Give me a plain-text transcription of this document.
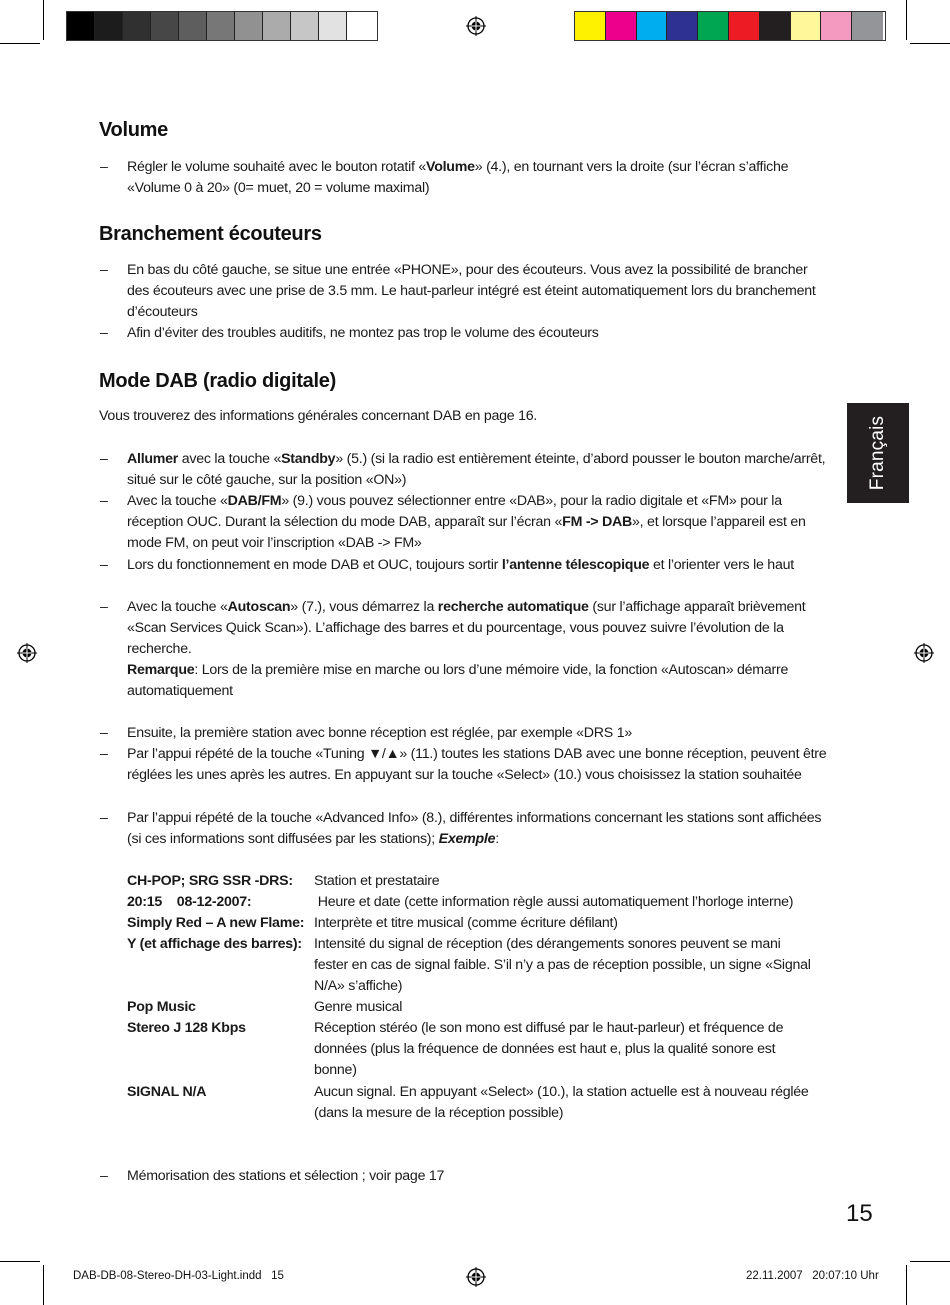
Volume
– Régler le volume souhaité avec le bouton rotatif «Volume» (4.), en tournant vers la droite (sur l’écran s’affiche «Volume 0 à 20» (0= muet, 20 = volume maximal)
Branchement écouteurs
– En bas du côté gauche, se situe une entrée «PHONE», pour des écouteurs. Vous avez la possibilité de brancher des écouteurs avec une prise de 3.5 mm. Le haut-parleur intégré est éteint automatiquement lors du branchement d’écouteurs
– Afin d’éviter des troubles auditifs, ne montez pas trop le volume des écouteurs
Mode DAB (radio digitale)
Vous trouverez des informations générales concernant DAB en page 16.
– Allumer avec la touche «Standby» (5.) (si la radio est entièrement éteinte, d’abord pousser le bouton marche/arrêt, situé sur le côté gauche, sur la position «ON»)
– Avec la touche «DAB/FM» (9.) vous pouvez sélectionner entre «DAB», pour la radio digitale et «FM» pour la réception OUC. Durant la sélection du mode DAB, apparaît sur l’écran «FM -> DAB», et lorsque l’appareil est en mode FM, on peut voir l’inscription «DAB -> FM»
– Lors du fonctionnement en mode DAB et OUC, toujours sortir l’antenne télescopique et l’orienter vers le haut
– Avec la touche «Autoscan» (7.), vous démarrez la recherche automatique (sur l’affichage apparaît brièvement «Scan Services Quick Scan»). L’affichage des barres et du pourcentage, vous pouvez suivre l’évolution de la recherche.
Remarque: Lors de la première mise en marche ou lors d’une mémoire vide, la fonction «Autoscan» démarre automatiquement
– Ensuite, la première station avec bonne réception est réglée, par exemple «DRS 1»
– Par l’appui répété de la touche «Tuning ▼/▲» (11.) toutes les stations DAB avec une bonne réception, peuvent être réglées les unes après les autres. En appuyant sur la touche «Select» (10.) vous choisissez la station souhaitée
– Par l’appui répété de la touche «Advanced Info» (8.), différentes informations concernant les stations sont affichées (si ces informations sont diffusées par les stations); Exemple:
CH-POP; SRG SSR -DRS:	Station et prestataire
20:15    08-12-2007:	Heure et date (cette information règle aussi automatiquement l’horloge interne)
Simply Red – A new Flame: Interprète et titre musical (comme écriture défilant)
Y (et affichage des barres): Intensité du signal de réception (des dérangements sonores peuvent se mani fester en cas de signal faible. S’il n’y a pas de réception possible, un signe «Signal N/A» s’affiche)
Pop Music	Genre musical
Stereo J 128 Kbps	Réception stéréo (le son mono est diffusé par le haut-parleur) et fréquence de données (plus la fréquence de données est haut e, plus la qualité sonore est bonne)
SIGNAL N/A	Aucun signal. En appuyant «Select» (10.), la station actuelle est à nouveau réglée (dans la mesure de la réception possible)
– Mémorisation des stations et sélection ; voir page 17
Français
15
DAB-DB-08-Stereo-DH-03-Light.indd   15	22.11.2007   20:07:10 Uhr
